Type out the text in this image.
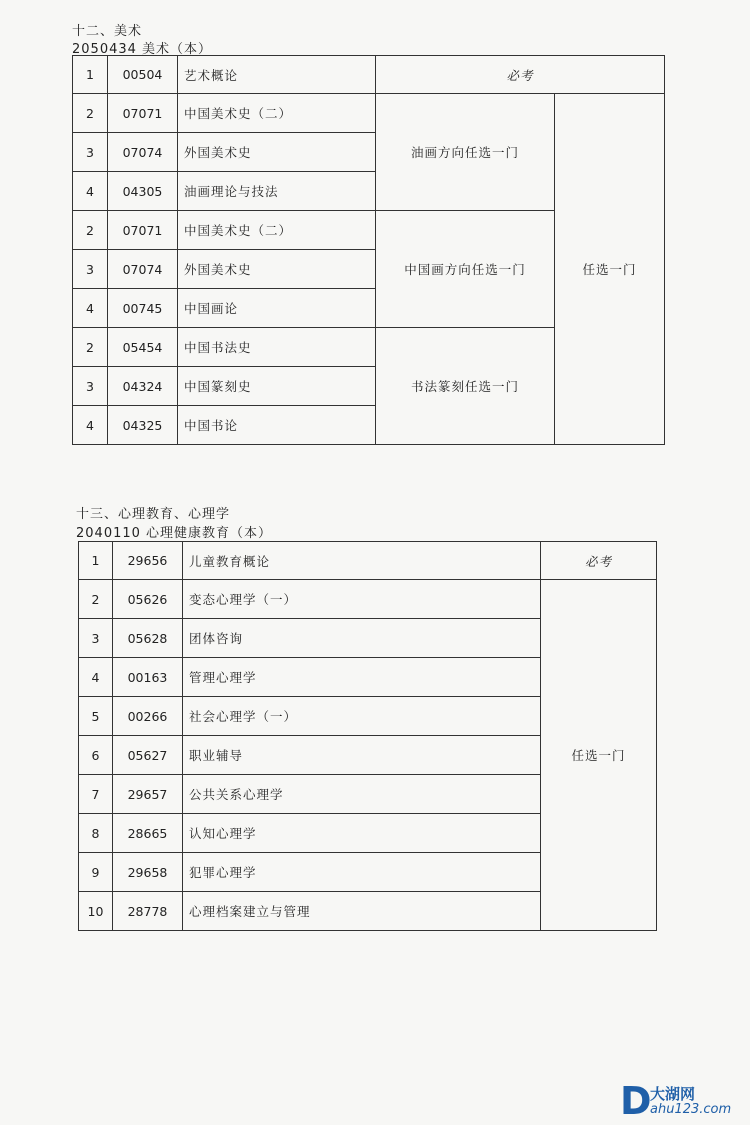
十二、美术
2050434 美术（本）
1	00504	艺术概论	必考	
2	07071	中国美术史（二）	油画方向任选一门	任选一门
3	07074	外国美术史		
4	04305	油画理论与技法		
2	07071	中国美术史（二）	中国画方向任选一门	
3	07074	外国美术史		
4	00745	中国画论		
2	05454	中国书法史	书法篆刻任选一门	
3	04324	中国篆刻史		
4	04325	中国书论		
十三、心理教育、心理学
2040110 心理健康教育（本）
1	29656	儿童教育概论	必考
2	05626	变态心理学（一）	任选一门
3	05628	团体咨询	
4	00163	管理心理学	
5	00266	社会心理学（一）	
6	05627	职业辅导	
7	29657	公共关系心理学	
8	28665	认知心理学	
9	29658	犯罪心理学	
10	28778	心理档案建立与管理	
D
大湖网
ahu123.com
